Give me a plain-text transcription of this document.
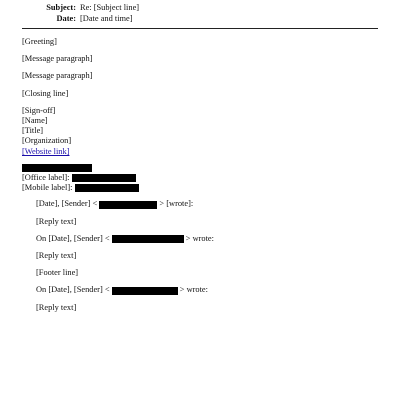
Subject: Re: [Subject line]
Date: [Date and time]

[Greeting]

[Message paragraph]

[Message paragraph]

[Closing line]

[Sign-off]

[Name]

[Title]

[Organization]

[Website link]

[Office label]:

[Mobile label]:

[Date], [Sender] <	> [wrote]:

[Reply text]

On [Date], [Sender] <	> wrote:

[Reply text]

[Footer line]

On [Date], [Sender] <	> wrote:

[Reply text]
